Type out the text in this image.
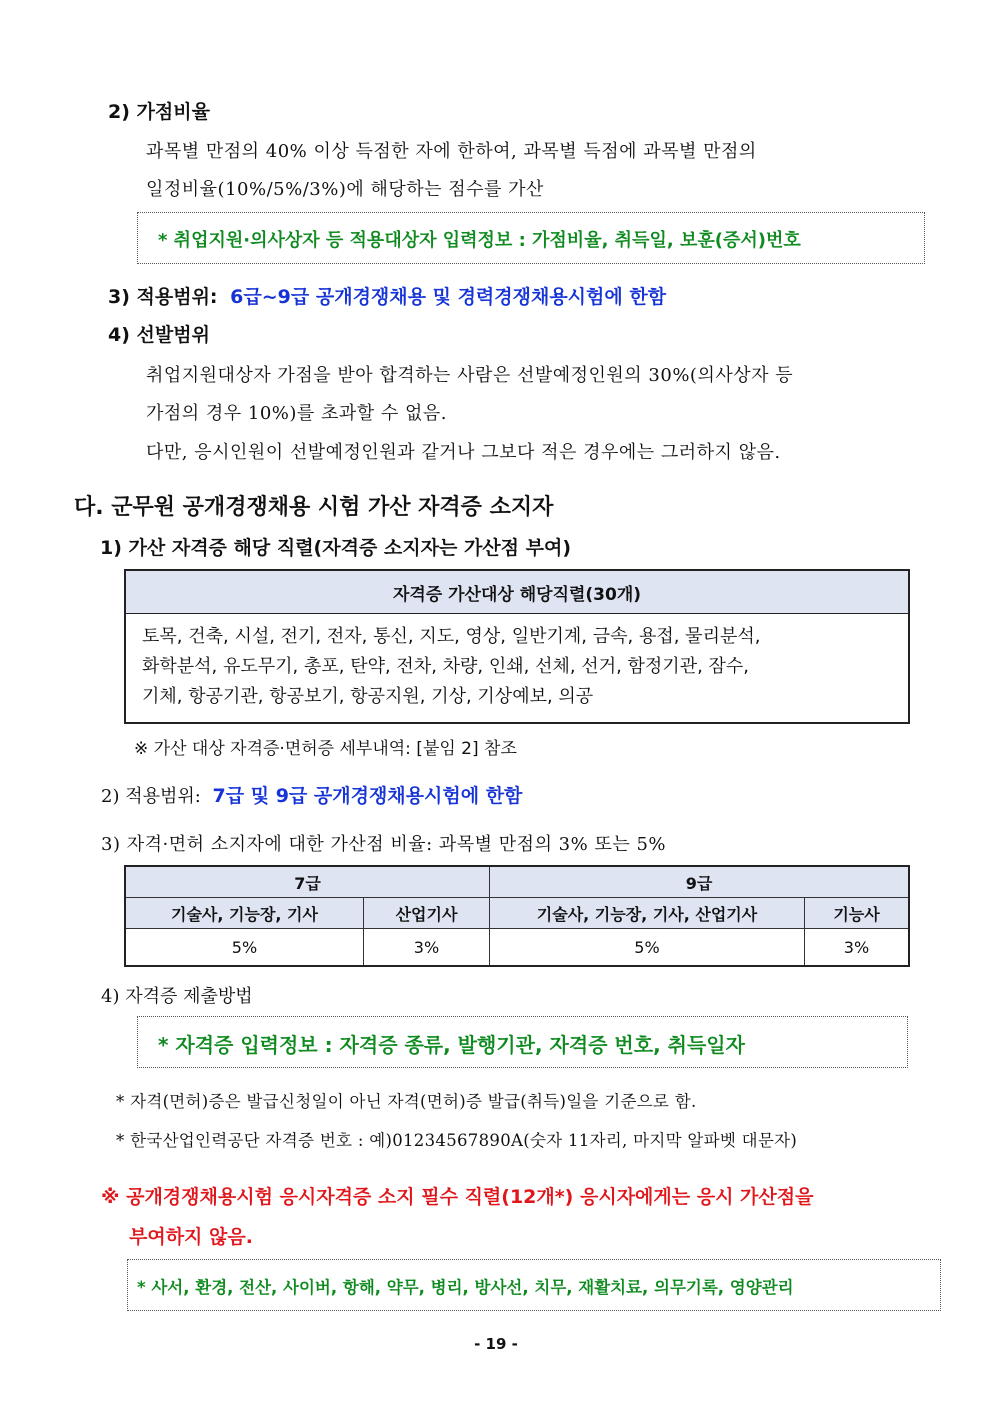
2) 가점비율
과목별 만점의 40% 이상 득점한 자에 한하여, 과목별 득점에 과목별 만점의
일정비율(10%/5%/3%)에 해당하는 점수를 가산
* 취업지원·의사상자 등 적용대상자 입력정보 : 가점비율, 취득일, 보훈(증서)번호
3) 적용범위: 6급~9급 공개경쟁채용 및 경력경쟁채용시험에 한함
4) 선발범위
취업지원대상자 가점을 받아 합격하는 사람은 선발예정인원의 30%(의사상자 등
가점의 경우 10%)를 초과할 수 없음.
다만, 응시인원이 선발예정인원과 같거나 그보다 적은 경우에는 그러하지 않음.
다. 군무원 공개경쟁채용 시험 가산 자격증 소지자
1) 가산 자격증 해당 직렬(자격증 소지자는 가산점 부여)
자격증 가산대상 해당직렬(30개)

토목, 건축, 시설, 전기, 전자, 통신, 지도, 영상, 일반기계, 금속, 용접, 물리분석,
화학분석, 유도무기, 총포, 탄약, 전차, 차량, 인쇄, 선체, 선거, 함정기관, 잠수,
기체, 항공기관, 항공보기, 항공지원, 기상, 기상예보, 의공
※ 가산 대상 자격증·면허증 세부내역: [붙임 2] 참조
2) 적용범위: 7급 및 9급 공개경쟁채용시험에 한함
3) 자격·면허 소지자에 대한 가산점 비율: 과목별 만점의 3% 또는 5%
7급		9급	
기술사, 기능장, 기사	산업기사	기술사, 기능장, 기사, 산업기사	기능사
5%	3%	5%	3%
4) 자격증 제출방법
* 자격증 입력정보 : 자격증 종류, 발행기관, 자격증 번호, 취득일자
* 자격(면허)증은 발급신청일이 아닌 자격(면허)증 발급(취득)일을 기준으로 함.
* 한국산업인력공단 자격증 번호 : 예)01234567890A(숫자 11자리, 마지막 알파벳 대문자)
※ 공개경쟁채용시험 응시자격증 소지 필수 직렬(12개*) 응시자에게는 응시 가산점을
부여하지 않음.
* 사서, 환경, 전산, 사이버, 항해, 약무, 병리, 방사선, 치무, 재활치료, 의무기록, 영양관리
- 19 -
